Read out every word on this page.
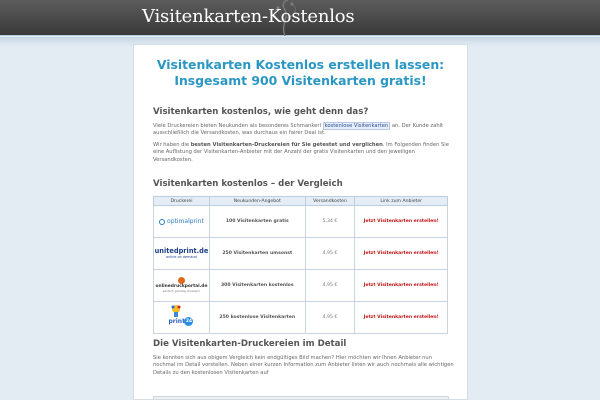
Visitenkarten-Kostenlos
Visitenkarten Kostenlos erstellen lassen:
Insgesamt 900 Visitenkarten gratis!
Visitenkarten kostenlos, wie geht denn das?
Viele Druckereien bieten Neukunden als besonderes Schmankerl kostenlose Visitenkarten an. Der Kunde zahlt ausschließlich die Versandkosten, was durchaus ein fairer Deal ist.
Wir haben die besten Visitenkarten-Druckereien für Sie getestet und verglichen. Im Folgenden finden Sie eine Auflistung der Visitenkarten-Anbieter mit der Anzahl der gratis Visitenkarten und den jeweiligen Versandkosten.
Visitenkarten kostenlos – der Vergleich
Druckerei	Neukunden-Angebot	Versandkosten	Link zum Anbieter
optimalprint	100 Visitenkarten gratis	5,34 €	Jetzt Visitenkarten erstellen!

unitedprint.de
online on demand	250 Visitenkarten umsonst	4,95 €	Jetzt Visitenkarten erstellen!
onlinedruckportal.de
einfach günstig drucken!	300 Visitenkarten kostenlos	4,95 €	Jetzt Visitenkarten erstellen!

print 24	250 kostenlose Visitenkarten	4,95 €	Jetzt Visitenkarten erstellen!
Die Visitenkarten-Druckereien im Detail
Sie konnten sich aus obigem Vergleich kein endgültiges Bild machen? Hier möchten wir Ihnen Anbieter nun nochmal im Detail vorstellen. Neben einer kurzen Information zum Anbieter listen wir auch nochmals alle wichtigen Details zu den kostenlosen Visitenkarten auf
